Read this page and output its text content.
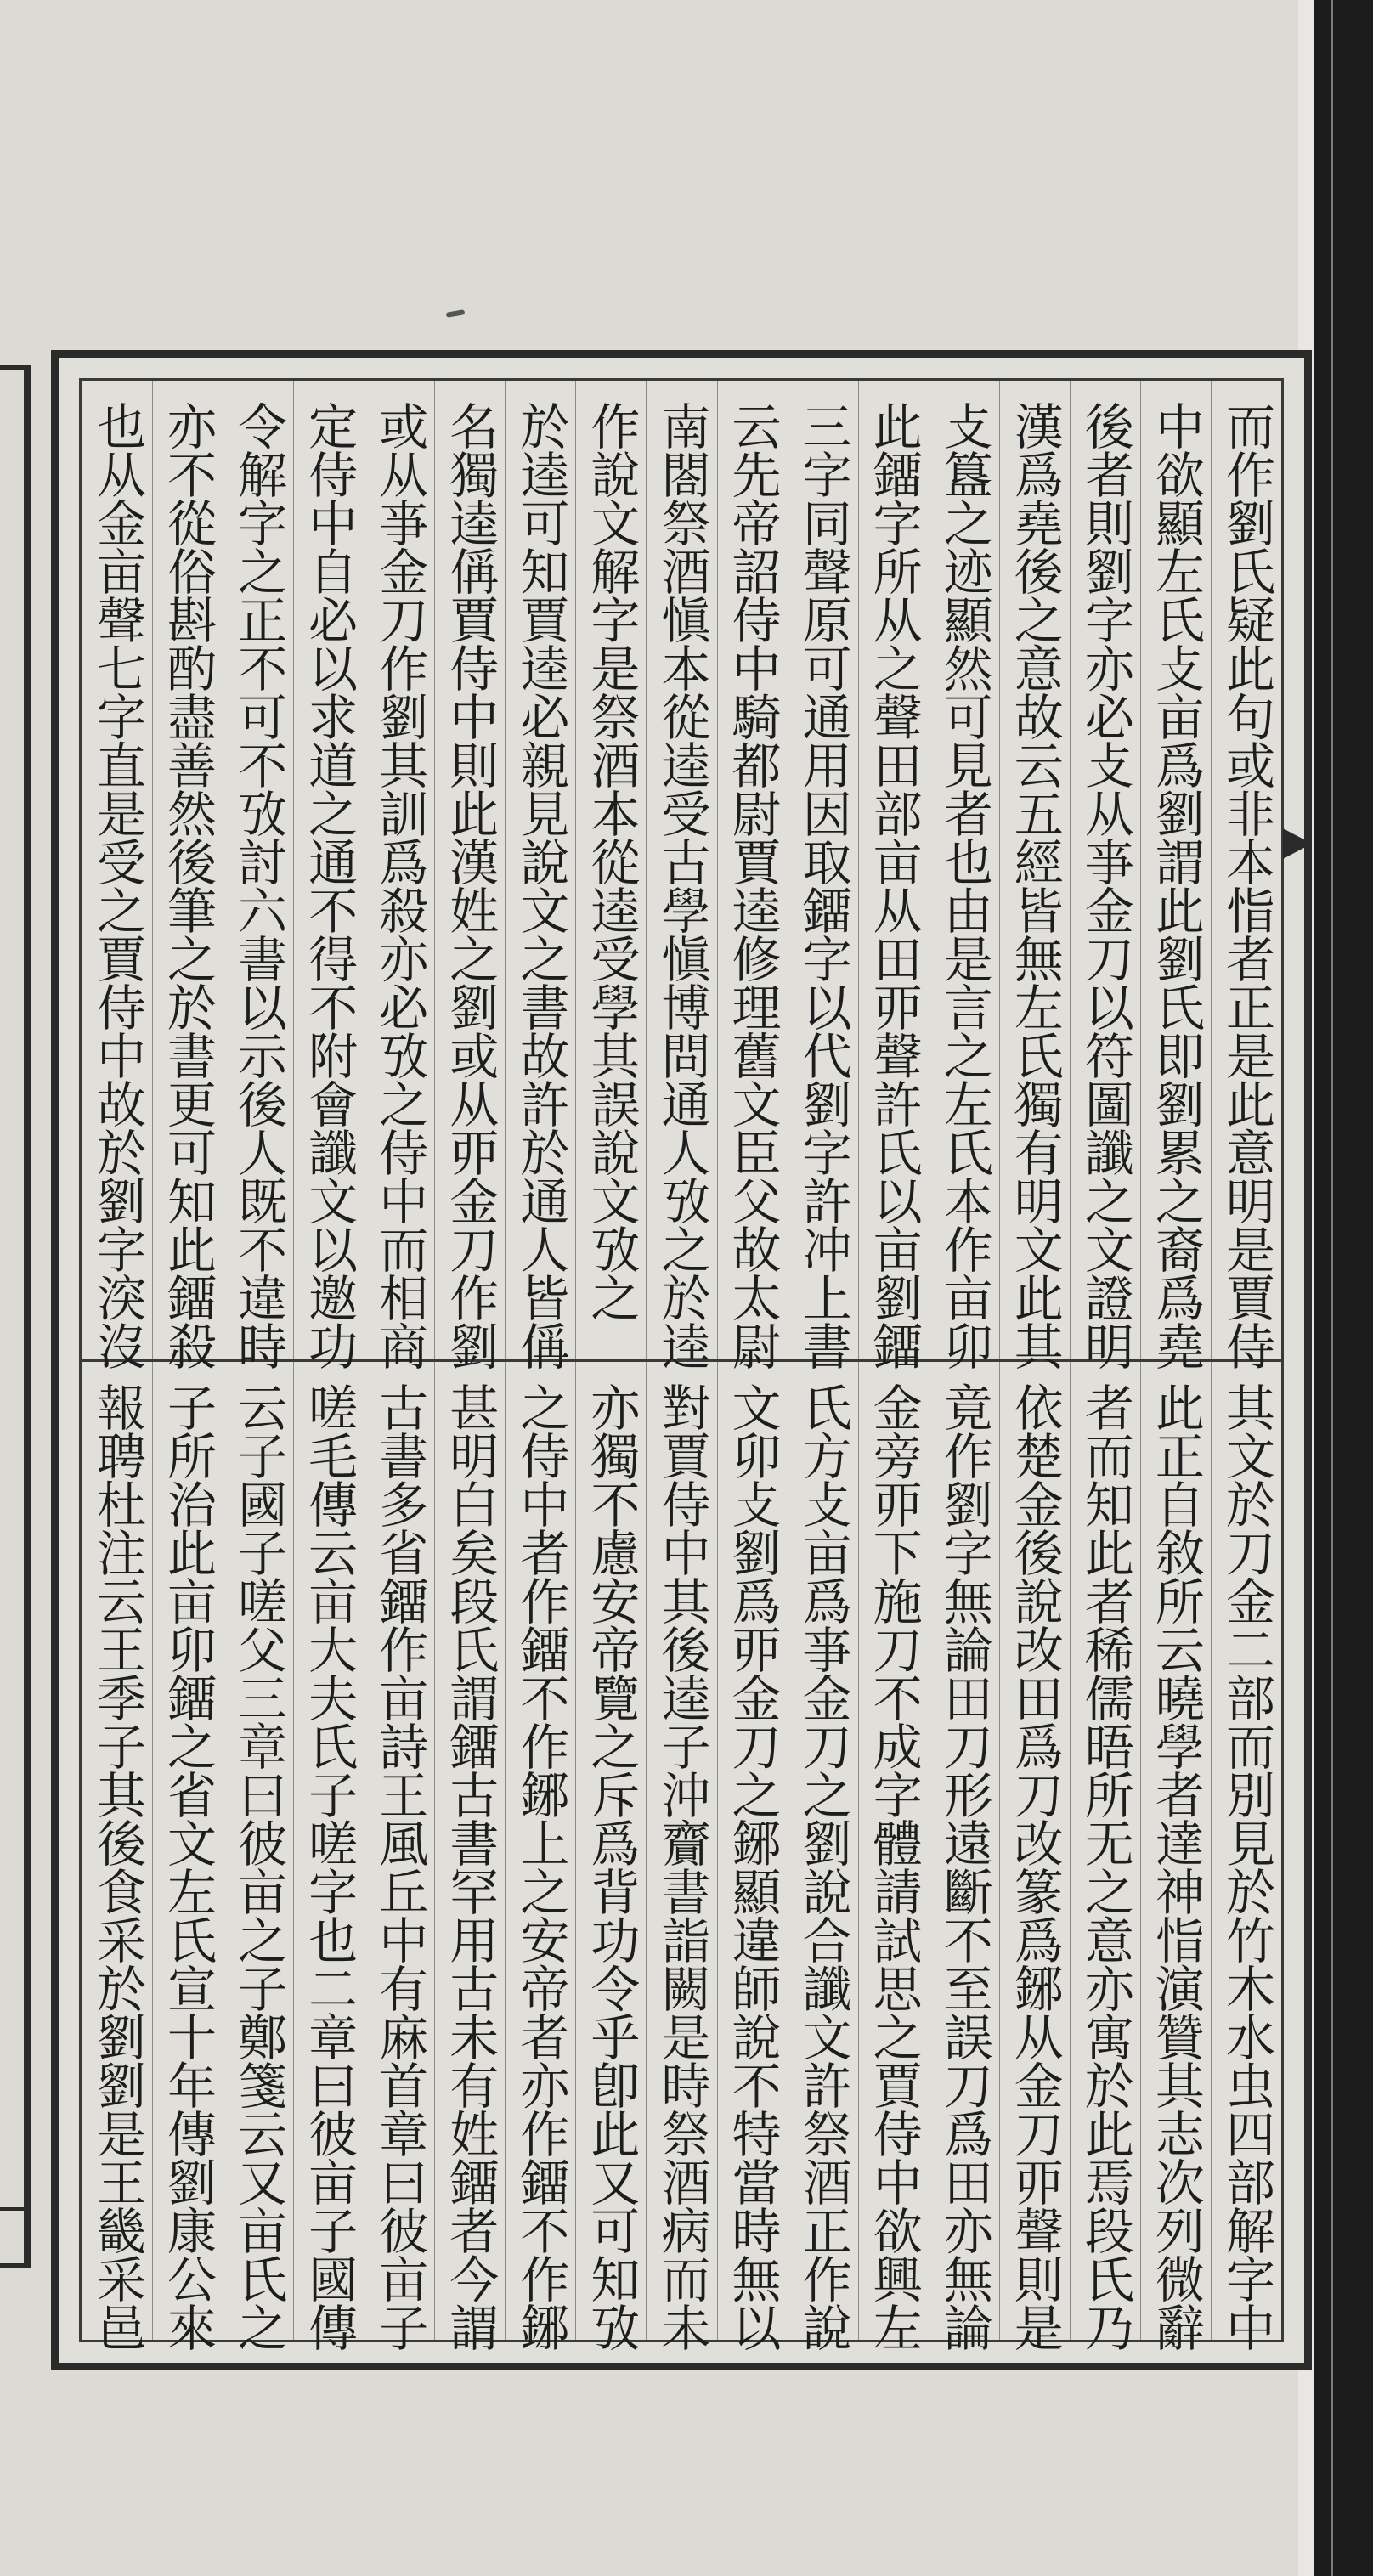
而作劉氏疑此句或非本恉者正是此意明是賈侍
中欲顯左氏攴亩爲劉謂此劉氏即劉累之裔爲堯
後者則劉字亦必攴从亊金刀以符圖讖之文證明
漢爲堯後之意故云五經皆無左氏獨有明文此其
攴簋之迹顯然可見者也由是言之左氏本作亩卯
此鐂字所从之聲田部亩从田丣聲許氏以亩劉鐂
三字同聲原可通用因取鐂字以代劉字許冲上書
云先帝詔侍中騎都尉賈逵修理舊文臣父故太尉
南閤祭酒愼本從逵受古學愼博問通人攷之於逵
作說文解字是祭酒本從逵受學其誤說文攷之
於逵可知賈逵必親見說文之書故許於通人皆偁
名獨逵偁賈侍中則此漢姓之劉或从丣金刀作劉
或从亊金刀作劉其訓爲殺亦必攷之侍中而相商
定侍中自必以求道之通不得不附會讖文以邀功
令解字之正不可不攷討六書以示後人既不違時
亦不從俗斟酌盡善然後筆之於書更可知此鐂殺
也从金亩聲七字直是受之賈侍中故於劉字湥沒
其文於刀金二部而別見於竹木水虫四部解字中
此正自敘所云曉學者達神恉演贊其志次列微辭
者而知此者稀儒晤所无之意亦寓於此焉段氏乃
依楚金後說改田爲刀改篆爲鋣从金刀丣聲則是
竟作劉字無論田刀形遠斷不至誤刀爲田亦無論
金旁丣下施刀不成字體請試思之賈侍中欲興左
氏方攴亩爲亊金刀之劉說合讖文許祭酒正作說
文卯攴劉爲丣金刀之鋣顯違師說不特當時無以
對賈侍中其後逵子沖齎書詣闕是時祭酒病而未
亦獨不慮安帝覽之斥爲背功令乎卽此又可知攷
之侍中者作鐂不作鋣上之安帝者亦作鐂不作鋣
甚明白矣段氏謂鐂古書罕用古未有姓鐂者今謂
古書多省鐂作亩詩王風丘中有麻首章曰彼亩子
嗟毛傳云亩大夫氏子嗟字也二章曰彼亩子國傳
云子國子嗟父三章曰彼亩之子鄭箋云又亩氏之
子所治此亩卯鐂之省文左氏宣十年傳劉康公來
報聘杜注云王季子其後食采於劉劉是王畿采邑
